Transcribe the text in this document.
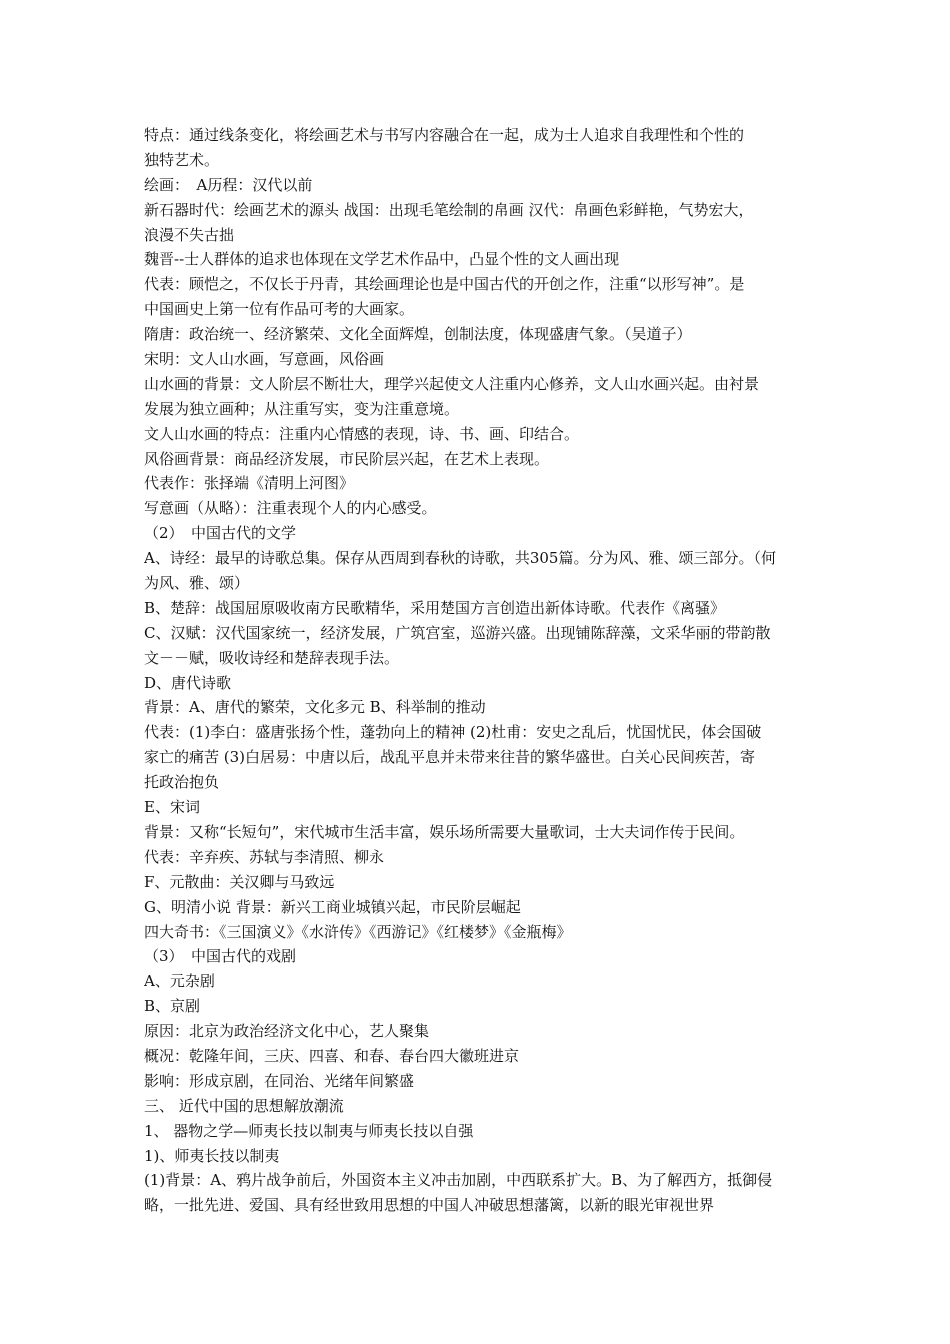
特点：通过线条变化，将绘画艺术与书写内容融合在一起，成为士人追求自我理性和个性的
独特艺术。
绘画：　A历程：汉代以前
新石器时代：绘画艺术的源头 战国：出现毛笔绘制的帛画 汉代：帛画色彩鲜艳，气势宏大，
浪漫不失古拙
魏晋--士人群体的追求也体现在文学艺术作品中，凸显个性的文人画出现
代表：顾恺之，不仅长于丹青，其绘画理论也是中国古代的开创之作，注重“以形写神”。是
中国画史上第一位有作品可考的大画家。
隋唐：政治统一、经济繁荣、文化全面辉煌，创制法度，体现盛唐气象。（吴道子）
宋明：文人山水画，写意画，风俗画
山水画的背景：文人阶层不断壮大，理学兴起使文人注重内心修养，文人山水画兴起。由衬景
发展为独立画种；从注重写实，变为注重意境。
文人山水画的特点：注重内心情感的表现，诗、书、画、印结合。
风俗画背景：商品经济发展，市民阶层兴起，在艺术上表现。
代表作：张择端《清明上河图》
写意画（从略）：注重表现个人的内心感受。
（2）　中国古代的文学
A、诗经：最早的诗歌总集。保存从西周到春秋的诗歌，共305篇。分为风、雅、颂三部分。（何
为风、雅、颂）
B、楚辞：战国屈原吸收南方民歌精华，采用楚国方言创造出新体诗歌。代表作《离骚》
C、汉赋：汉代国家统一，经济发展，广筑宫室，巡游兴盛。出现铺陈辞藻，文采华丽的带韵散
文－－赋，吸收诗经和楚辞表现手法。
D、唐代诗歌
背景：A、唐代的繁荣，文化多元 B、科举制的推动
代表：(1)李白：盛唐张扬个性，蓬勃向上的精神 (2)杜甫：安史之乱后，忧国忧民，体会国破
家亡的痛苦 (3)白居易：中唐以后，战乱平息并未带来往昔的繁华盛世。白关心民间疾苦，寄
托政治抱负
E、宋词
背景：又称“长短句”，宋代城市生活丰富，娱乐场所需要大量歌词，士大夫词作传于民间。
代表：辛弃疾、苏轼与李清照、柳永
F、元散曲：关汉卿与马致远
G、明清小说 背景：新兴工商业城镇兴起，市民阶层崛起
四大奇书：《三国演义》《水浒传》《西游记》《红楼梦》《金瓶梅》
（3）　中国古代的戏剧
A、元杂剧
B、京剧
原因：北京为政治经济文化中心，艺人聚集
概况：乾隆年间，三庆、四喜、和春、春台四大徽班进京
影响：形成京剧，在同治、光绪年间繁盛
三、 近代中国的思想解放潮流
1、 器物之学—师夷长技以制夷与师夷长技以自强
1)、师夷长技以制夷
(1)背景：A、鸦片战争前后，外国资本主义冲击加剧，中西联系扩大。B、为了解西方，抵御侵
略，一批先进、爱国、具有经世致用思想的中国人冲破思想藩篱，以新的眼光审视世界
